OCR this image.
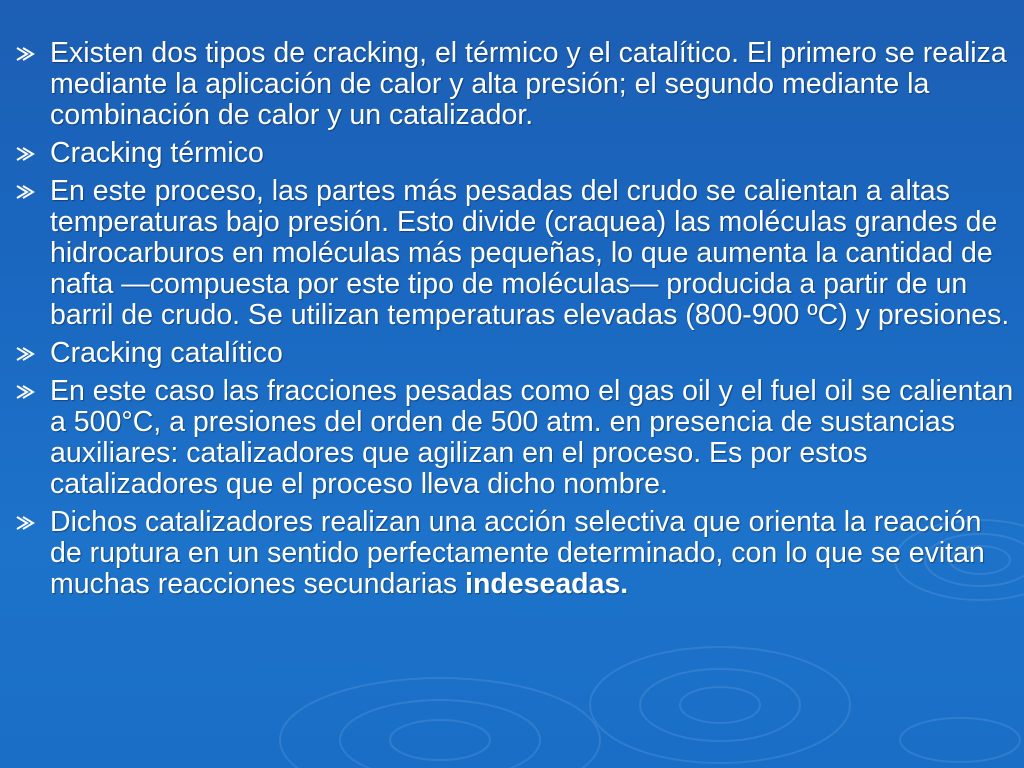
Existen dos tipos de cracking, el térmico y el catalítico. El primero se realiza mediante la aplicación de calor y alta presión; el segundo mediante la combinación de calor y un catalizador.
Cracking térmico
En este proceso, las partes más pesadas del crudo se calientan a altas temperaturas bajo presión. Esto divide (craquea) las moléculas grandes de hidrocarburos en moléculas más pequeñas, lo que aumenta la cantidad de nafta —compuesta por este tipo de moléculas— producida a partir de un barril de crudo. Se utilizan temperaturas elevadas (800-900 ºC) y presiones.
Cracking catalítico
En este caso las fracciones pesadas como el gas oil y el fuel oil se calientan a 500°C, a presiones del orden de 500 atm. en presencia de sustancias auxiliares: catalizadores que agilizan en el proceso. Es por estos catalizadores que el proceso lleva dicho nombre.
Dichos catalizadores realizan una acción selectiva que orienta la reacción de ruptura en un sentido perfectamente determinado, con lo que se evitan muchas reacciones secundarias indeseadas.
